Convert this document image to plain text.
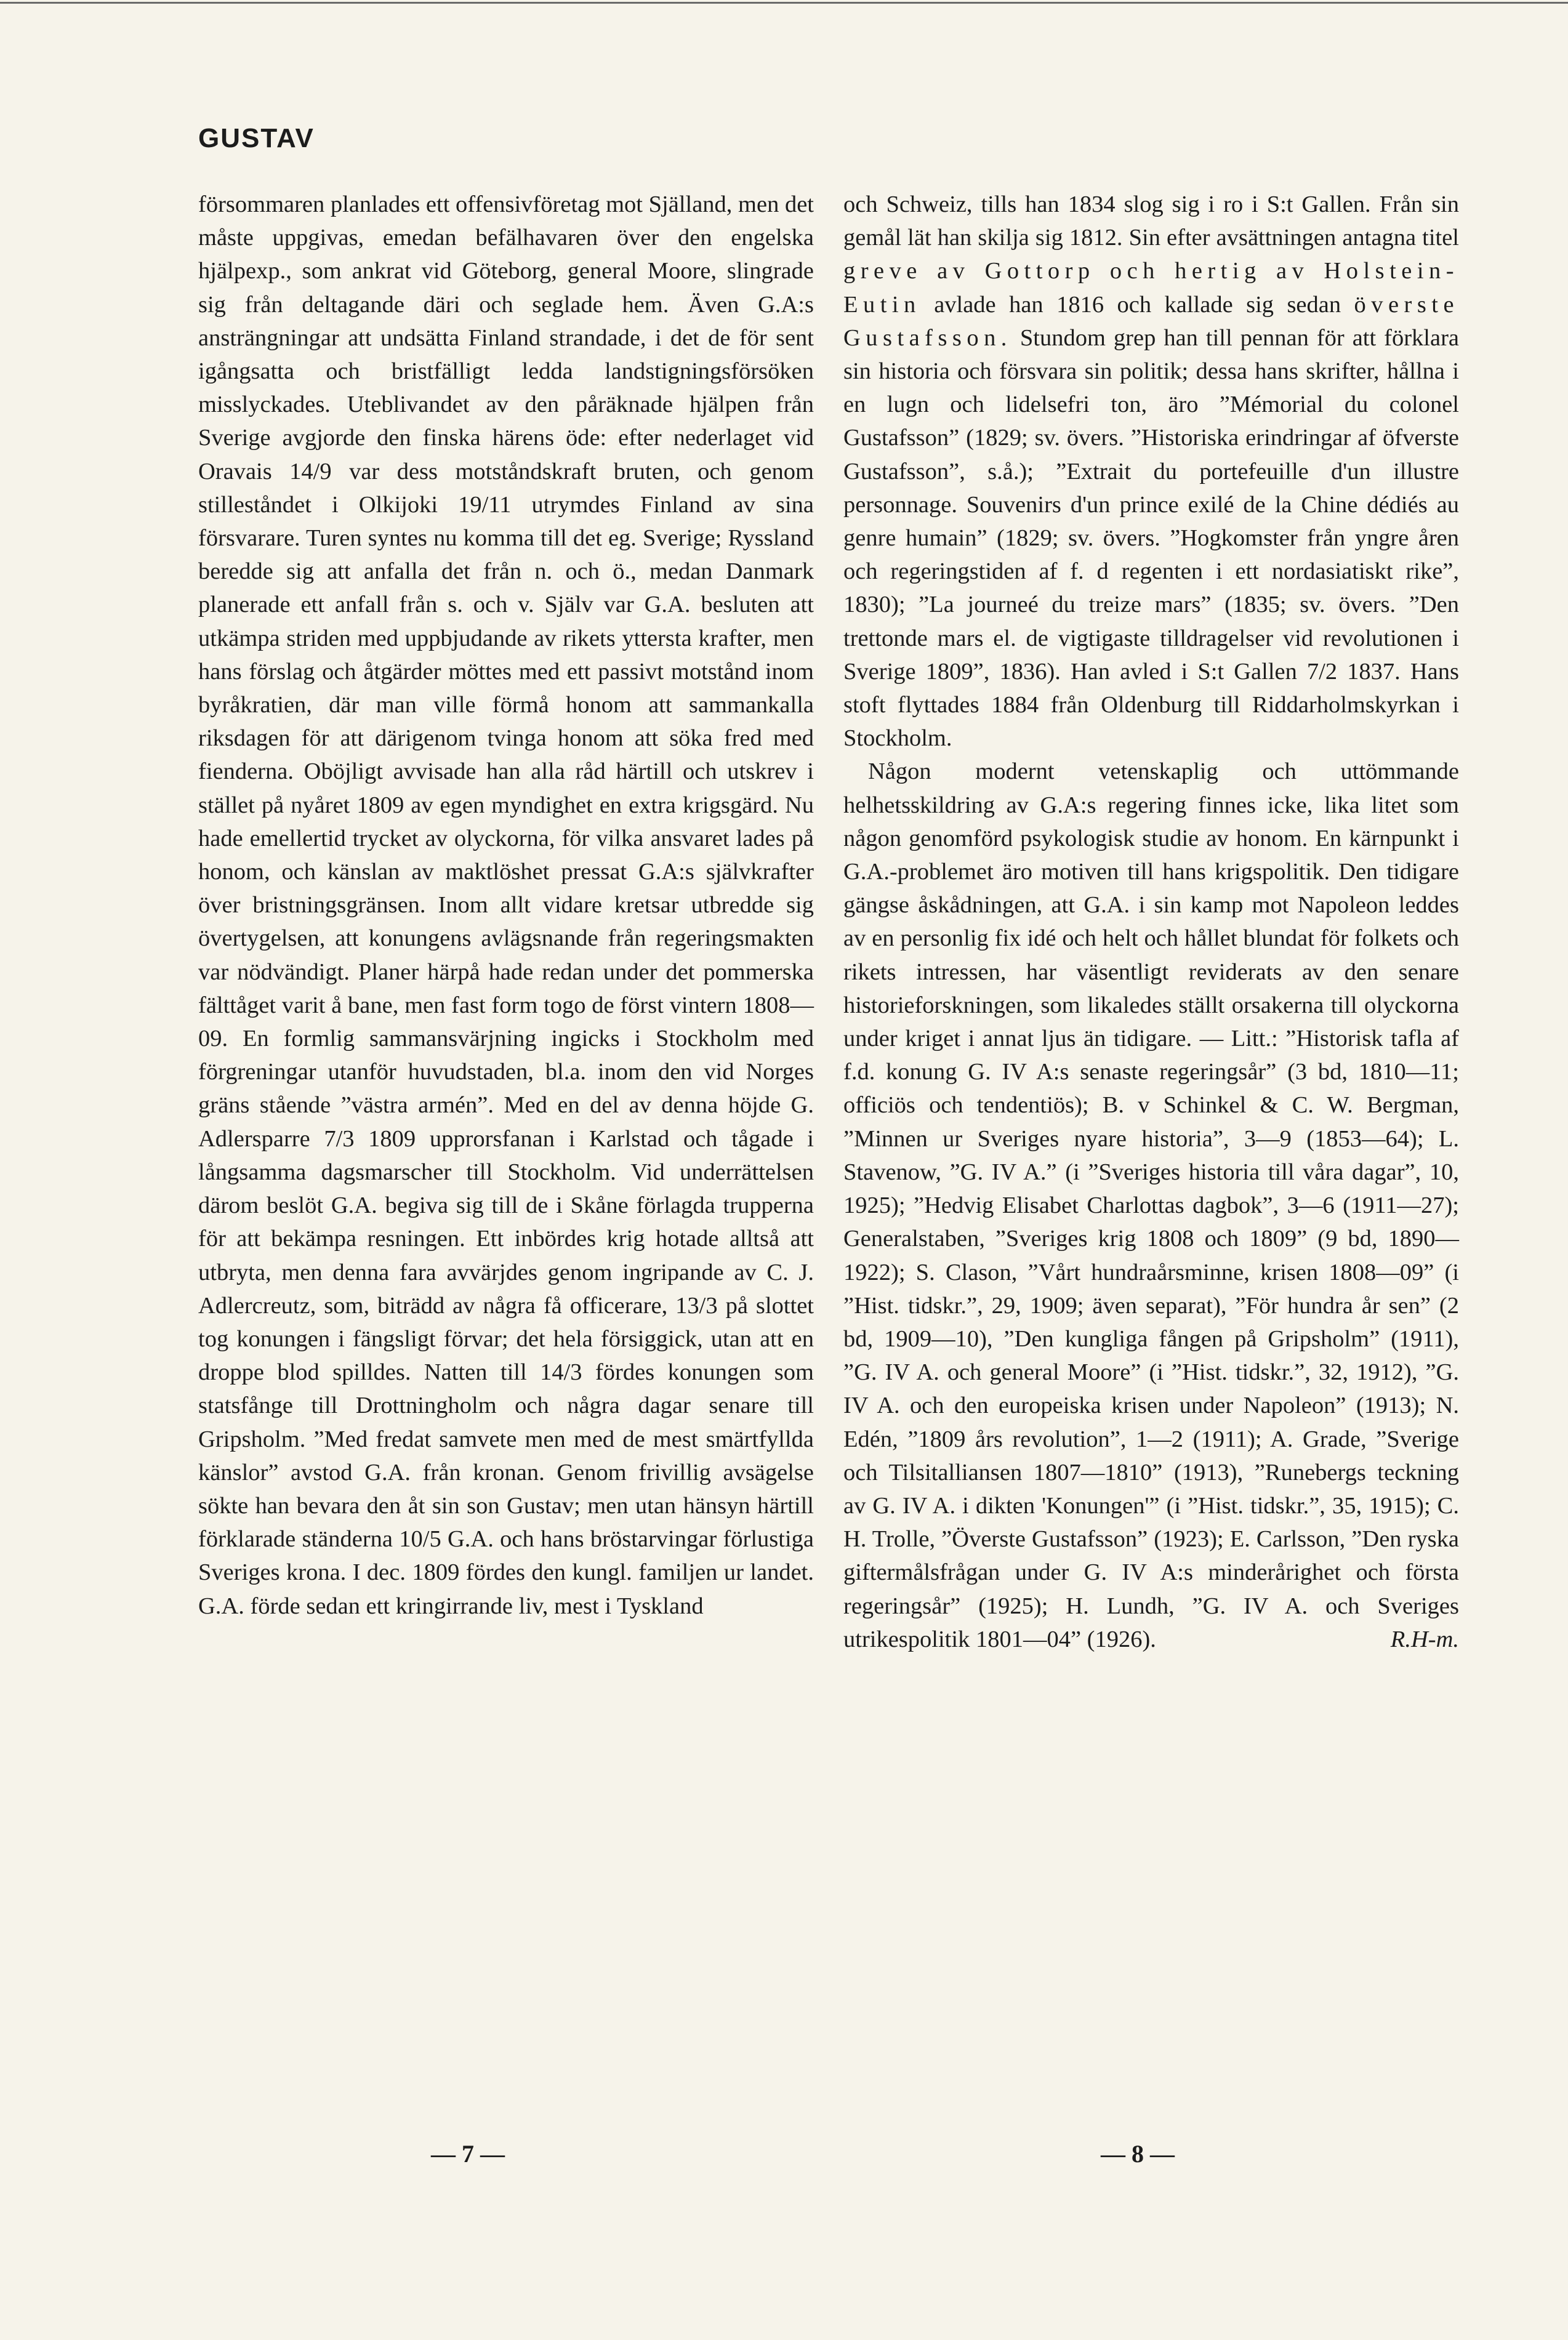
GUSTAV

försommaren planlades ett offensivföretag mot Själland, men det måste uppgivas, emedan befälhavaren över den engelska hjälpexp., som ankrat vid Göteborg, general Moore, slingrade sig från deltagande däri och seglade hem. Även G.A:s ansträngningar att undsätta Finland strandade, i det de för sent igångsatta och bristfälligt ledda landstigningsförsöken misslyckades. Uteblivandet av den påräknade hjälpen från Sverige avgjorde den finska härens öde: efter nederlaget vid Oravais 14/9 var dess motståndskraft bruten, och genom stilleståndet i Olkijoki 19/11 utrymdes Finland av sina försvarare. Turen syntes nu komma till det eg. Sverige; Ryssland beredde sig att anfalla det från n. och ö., medan Danmark planerade ett anfall från s. och v. Själv var G.A. besluten att utkämpa striden med uppbjudande av rikets yttersta krafter, men hans förslag och åtgärder möttes med ett passivt motstånd inom byråkratien, där man ville förmå honom att sammankalla riksdagen för att därigenom tvinga honom att söka fred med fienderna. Oböjligt avvisade han alla råd härtill och utskrev i stället på nyåret 1809 av egen myndighet en extra krigsgärd. Nu hade emellertid trycket av olyckorna, för vilka ansvaret lades på honom, och känslan av maktlöshet pressat G.A:s självkrafter över bristningsgränsen. Inom allt vidare kretsar utbredde sig övertygelsen, att konungens avlägsnande från regeringsmakten var nödvändigt. Planer härpå hade redan under det pommerska fälttåget varit å bane, men fast form togo de först vintern 1808—09. En formlig sammansvärjning ingicks i Stockholm med förgreningar utanför huvudstaden, bl.a. inom den vid Norges gräns stående ”västra armén”. Med en del av denna höjde G. Adlersparre 7/3 1809 upprorsfanan i Karlstad och tågade i långsamma dagsmarscher till Stockholm. Vid underrättelsen därom beslöt G.A. begiva sig till de i Skåne förlagda trupperna för att bekämpa resningen. Ett inbördes krig hotade alltså att utbryta, men denna fara avvärjdes genom ingripande av C. J. Adlercreutz, som, biträdd av några få officerare, 13/3 på slottet tog konungen i fängsligt förvar; det hela försiggick, utan att en droppe blod spilldes. Natten till 14/3 fördes konungen som statsfånge till Drottningholm och några dagar senare till Gripsholm. ”Med fredat samvete men med de mest smärtfyllda känslor” avstod G.A. från kronan. Genom frivillig avsägelse sökte han bevara den åt sin son Gustav; men utan hänsyn härtill förklarade ständerna 10/5 G.A. och hans bröstarvingar förlustiga Sveriges krona. I dec. 1809 fördes den kungl. familjen ur landet. G.A. förde sedan ett kringirrande liv, mest i Tyskland

och Schweiz, tills han 1834 slog sig i ro i S:t Gallen. Från sin gemål lät han skilja sig 1812. Sin efter avsättningen antagna titel greve av Gottorp och hertig av Holstein-Eutin avlade han 1816 och kallade sig sedan överste Gustafsson. Stundom grep han till pennan för att förklara sin historia och försvara sin politik; dessa hans skrifter, hållna i en lugn och lidelsefri ton, äro ”Mémorial du colonel Gustafsson” (1829; sv. övers. ”Historiska erindringar af öfverste Gustafsson”, s.å.); ”Extrait du portefeuille d'un illustre personnage. Souvenirs d'un prince exilé de la Chine dédiés au genre humain” (1829; sv. övers. ”Hogkomster från yngre åren och regeringstiden af f. d regenten i ett nordasiatiskt rike”, 1830); ”La journeé du treize mars” (1835; sv. övers. ”Den trettonde mars el. de vigtigaste tilldragelser vid revolutionen i Sverige 1809”, 1836). Han avled i S:t Gallen 7/2 1837. Hans stoft flyttades 1884 från Oldenburg till Riddarholmskyrkan i Stockholm.

Någon modernt vetenskaplig och uttömmande helhetsskildring av G.A:s regering finnes icke, lika litet som någon genomförd psykologisk studie av honom. En kärnpunkt i G.A.-problemet äro motiven till hans krigspolitik. Den tidigare gängse åskådningen, att G.A. i sin kamp mot Napoleon leddes av en personlig fix idé och helt och hållet blundat för folkets och rikets intressen, har väsentligt reviderats av den senare historieforskningen, som likaledes ställt orsakerna till olyckorna under kriget i annat ljus än tidigare. — Litt.: ”Historisk tafla af f.d. konung G. IV A:s senaste regeringsår” (3 bd, 1810—11; officiös och tendentiös); B. v Schinkel & C. W. Bergman, ”Minnen ur Sveriges nyare historia”, 3—9 (1853—64); L. Stavenow, ”G. IV A.” (i ”Sveriges historia till våra dagar”, 10, 1925); ”Hedvig Elisabet Charlottas dagbok”, 3—6 (1911—27); Generalstaben, ”Sveriges krig 1808 och 1809” (9 bd, 1890—1922); S. Clason, ”Vårt hundraårsminne, krisen 1808—09” (i ”Hist. tidskr.”, 29, 1909; även separat), ”För hundra år sen” (2 bd, 1909—10), ”Den kungliga fången på Gripsholm” (1911), ”G. IV A. och general Moore” (i ”Hist. tidskr.”, 32, 1912), ”G. IV A. och den europeiska krisen under Napoleon” (1913); N. Edén, ”1809 års revolution”, 1—2 (1911); A. Grade, ”Sverige och Tilsitalliansen 1807—1810” (1913), ”Runebergs teckning av G. IV A. i dikten 'Konungen'” (i ”Hist. tidskr.”, 35, 1915); C. H. Trolle, ”Överste Gustafsson” (1923); E. Carlsson, ”Den ryska giftermålsfrågan under G. IV A:s minderårighet och första regeringsår” (1925); H. Lundh, ”G. IV A. och Sveriges utrikespolitik 1801—04” (1926).	R.H-m.

— 7 —	— 8 —
